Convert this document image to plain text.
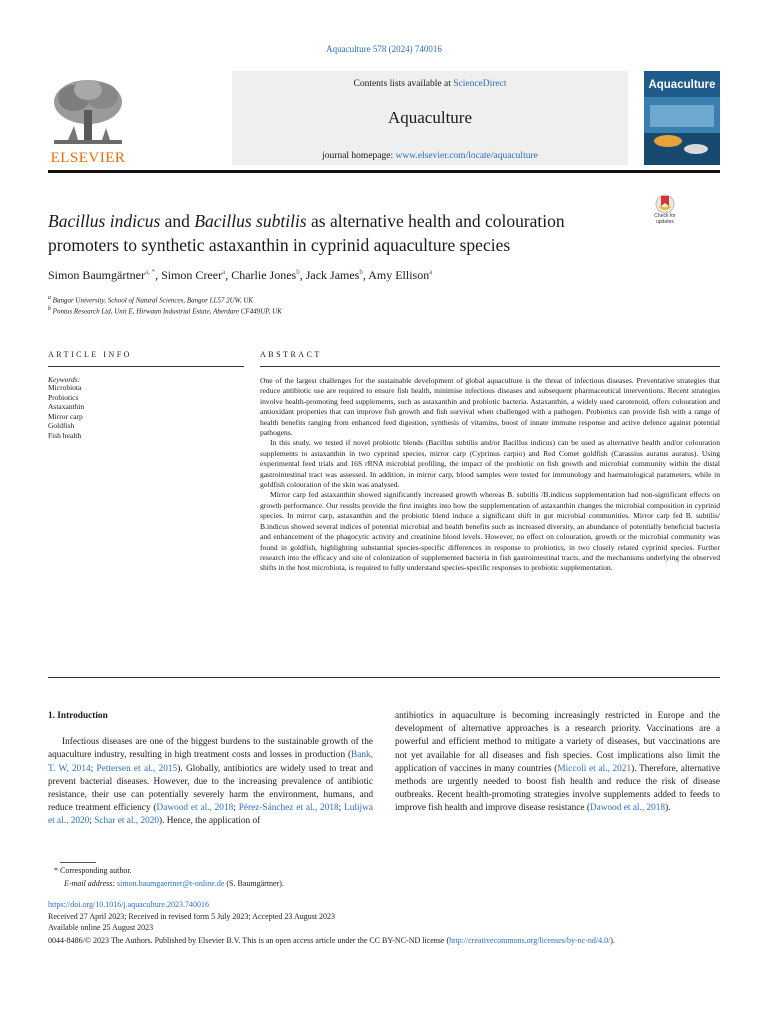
Aquaculture 578 (2024) 740016
ELSEVIER
Contents lists available at ScienceDirect
Aquaculture
journal homepage: www.elsevier.com/locate/aquaculture
Aquaculture
Check for updates
Bacillus indicus and Bacillus subtilis as alternative health and colouration promoters to synthetic astaxanthin in cyprinid aquaculture species
Simon Baumgärtner$^{a, *}$, Simon Creer$^a$, Charlie Jones$^b$, Jack James$^b$, Amy Ellison$^a$
$^a$ Bangor University, School of Natural Sciences, Bangor LL57 2UW, UK
$^b$ Pontus Research Ltd, Unit E, Hirwaun Industrial Estate, Aberdare CF449UP, UK
ARTICLE INFO	ABSTRACT
Keywords:
Microbiota
Probiotics
Astaxanthin
Mirror carp
Goldfish
Fish health

One of the largest challenges for the sustainable development of global aquaculture is the threat of infectious diseases. Preventative strategies that reduce antibiotic use are required to ensure fish health, minimise infectious diseases and subsequent pharmaceutical interventions. Recent strategies involve health-promoting feed supplements, such as astaxanthin and probiotic bacteria. Astaxanthin, a widely used carotenoid, offers colouration and antioxidant properties that can improve fish growth and fish survival when challenged with a pathogen. Probiotics can provide fish with a range of health benefits ranging from enhanced feed digestion, synthesis of vitamins, boost of innate immune response and active defence against potential pathogens.

In this study, we tested if novel probiotic blends (Bacillus subtilis and/or Bacillus indicus) can be used as alternative health and/or colouration supplements to astaxanthin in two cyprinid species, mirror carp (Cyprinus carpio) and Red Comet goldfish (Carassius auratus auratus). Using experimental feed trials and 16S rRNA microbial profiling, the impact of the probiotic on fish growth and microbial community within the distal gastrointestinal tract was assessed. In addition, in mirror carp, blood samples were tested for immunology and haematological parameters, while in goldfish colouration of the skin was analysed.

Mirror carp fed astaxanthin showed significantly increased growth whereas B. subtilis /B.indicus supplementation had non-significant effects on growth performance. Our results provide the first insights into how the supplementation of astaxanthin changes the microbial composition in cyprinid species. In mirror carp, astaxanthin and the probiotic blend induce a significant shift in gut microbial communities. Mirror carp fed B. subtilis/ B.indicus showed several indices of potential microbial and health benefits such as increased diversity, an abundance of potentially beneficial bacteria and enhancement of the phagocytic activity and creatinine blood levels. However, no effect on colouration, growth or the microbial community was found in goldfish, highlighting substantial species-specific differences in response to probiotics, in two closely related cyprinid species. Further research into the efficacy and site of colonization of supplemented bacteria in fish gastrointestinal tracts, and the mechanisms underlying the observed shifts in the host microbiota, is required to fully understand species-specific responses to probiotic supplementation.

1. Introduction

Infectious diseases are one of the biggest burdens to the sustainable growth of the aquaculture industry, resulting in high treatment costs and losses in production (Bank, T. W, 2014; Pettersen et al., 2015). Globally, antibiotics are widely used to treat and prevent bacterial diseases. However, due to the increasing prevalence of antibiotic resistance, their use can potentially severely harm the environment, humans, and reduce treatment efficiency (Dawood et al., 2018; Pérez-Sánchez et al., 2018; Lulijwa et al., 2020; Schar et al., 2020). Hence, the application of

antibiotics in aquaculture is becoming increasingly restricted in Europe and the development of alternative approaches is a research priority. Vaccinations are a powerful and efficient method to mitigate a variety of diseases, but vaccinations are not yet available for all diseases and fish species. Cost implications also limit the application of vaccines in many countries (Miccoli et al., 2021). Therefore, alternative methods are urgently needed to boost fish health and reduce the risk of disease outbreaks. Recent health-promoting strategies involve supplements added to feeds to improve fish health and improve disease resistance (Dawood et al., 2018).

* Corresponding author.
E-mail address: simon.baumgaertner@t-online.de (S. Baumgärtner).
https://doi.org/10.1016/j.aquaculture.2023.740016
Received 27 April 2023; Received in revised form 5 July 2023; Accepted 23 August 2023
Available online 25 August 2023
0044-8486/© 2023 The Authors. Published by Elsevier B.V. This is an open access article under the CC BY-NC-ND license (http://creativecommons.org/licenses/by-nc-nd/4.0/).
